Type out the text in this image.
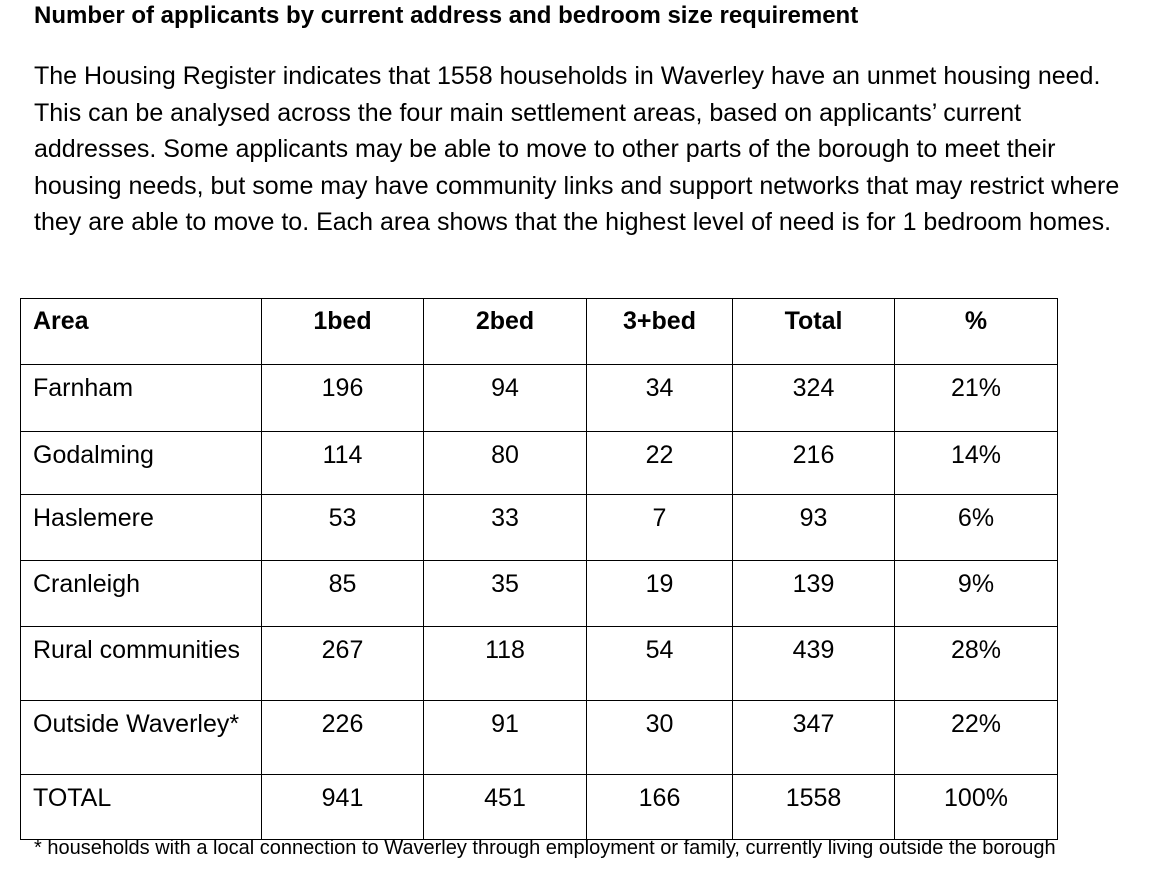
Number of applicants by current address and bedroom size requirement

The Housing Register indicates that 1558 households in Waverley have an unmet housing need. This can be analysed across the four main settlement areas, based on applicants’ current addresses. Some applicants may be able to move to other parts of the borough to meet their housing needs, but some may have community links and support networks that may restrict where they are able to move to. Each area shows that the highest level of need is for 1 bedroom homes.

Area	1bed	2bed	3+bed	Total	%
Farnham	196	94	34	324	21%
Godalming	114	80	22	216	14%
Haslemere	53	33	7	93	6%
Cranleigh	85	35	19	139	9%
Rural communities	267	118	54	439	28%
Outside Waverley*	226	91	30	347	22%
TOTAL	941	451	166	1558	100%
* households with a local connection to Waverley through employment or family, currently living outside the borough
